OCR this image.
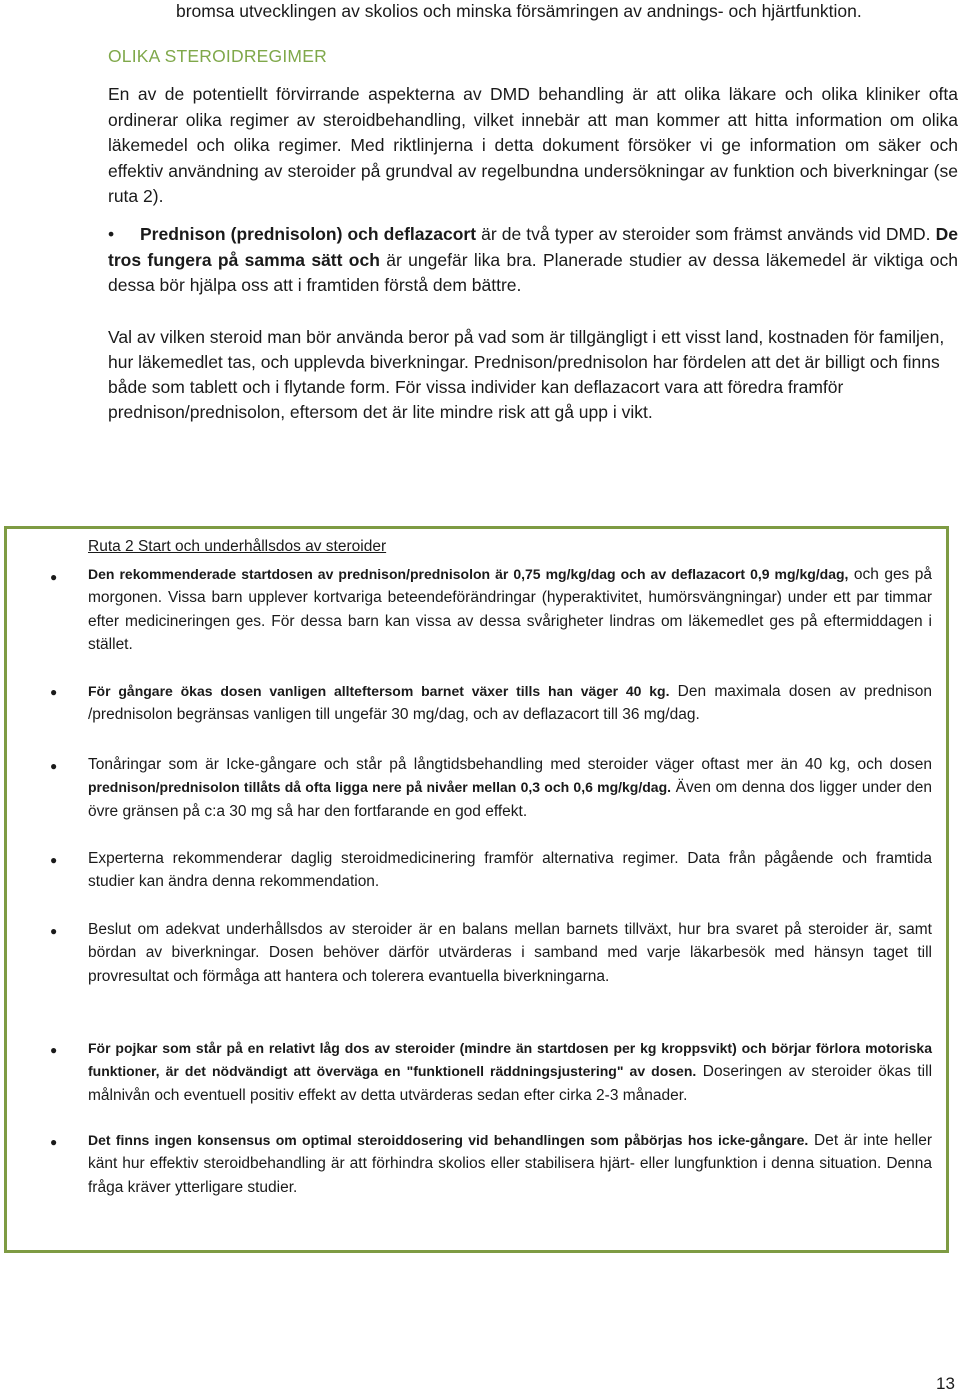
bromsa utvecklingen av skolios och minska försämringen av andnings- och hjärtfunktion.
OLIKA STEROIDREGIMER
En av de potentiellt förvirrande aspekterna av DMD behandling är att olika läkare och olika kliniker ofta ordinerar olika regimer av steroidbehandling, vilket innebär att man kommer att hitta information om olika läkemedel och olika regimer. Med riktlinjerna i detta dokument försöker vi ge information om säker och effektiv användning av steroider på grundval av regelbundna undersökningar av funktion och biverkningar (se ruta 2).
• Prednison (prednisolon) och deflazacort är de två typer av steroider som främst används vid DMD. De tros fungera på samma sätt och är ungefär lika bra. Planerade studier av dessa läkemedel är viktiga och dessa bör hjälpa oss att i framtiden förstå dem bättre.
Val av vilken steroid man bör använda beror på vad som är tillgängligt i ett visst land, kostnaden för familjen, hur läkemedlet tas, och upplevda biverkningar. Prednison/prednisolon har fördelen att det är billigt och finns både som tablett och i flytande form. För vissa individer kan deflazacort vara att föredra framför prednison/prednisolon, eftersom det är lite mindre risk att gå upp i vikt.
Ruta 2 Start och underhållsdos av steroider
● Den rekommenderade startdosen av prednison/prednisolon är 0,75 mg/kg/dag och av deflazacort 0,9 mg/kg/dag, och ges på morgonen. Vissa barn upplever kortvariga beteendeförändringar (hyperaktivitet, humörsvängningar) under ett par timmar efter medicineringen ges. För dessa barn kan vissa av dessa svårigheter lindras om läkemedlet ges på eftermiddagen i stället.
● För gångare ökas dosen vanligen allteftersom barnet växer tills han väger 40 kg. Den maximala dosen av prednison /prednisolon begränsas vanligen till ungefär 30 mg/dag, och av deflazacort till 36 mg/dag.
● Tonåringar som är Icke-gångare och står på långtidsbehandling med steroider väger oftast mer än 40 kg, och dosen prednison/prednisolon tillåts då ofta ligga nere på nivåer mellan 0,3 och 0,6 mg/kg/dag. Även om denna dos ligger under den övre gränsen på c:a 30 mg så har den fortfarande en god effekt.
● Experterna rekommenderar daglig steroidmedicinering framför alternativa regimer. Data från pågående och framtida studier kan ändra denna rekommendation.
● Beslut om adekvat underhållsdos av steroider är en balans mellan barnets tillväxt, hur bra svaret på steroider är, samt bördan av biverkningar. Dosen behöver därför utvärderas i samband med varje läkarbesök med hänsyn taget till provresultat och förmåga att hantera och tolerera evantuella biverkningarna.
● För pojkar som står på en relativt låg dos av steroider (mindre än startdosen per kg kroppsvikt) och börjar förlora motoriska funktioner, är det nödvändigt att överväga en "funktionell räddningsjustering" av dosen. Doseringen av steroider ökas till målnivån och eventuell positiv effekt av detta utvärderas sedan efter cirka 2-3 månader.
● Det finns ingen konsensus om optimal steroiddosering vid behandlingen som påbörjas hos icke-gångare. Det är inte heller känt hur effektiv steroidbehandling är att förhindra skolios eller stabilisera hjärt- eller lungfunktion i denna situation. Denna fråga kräver ytterligare studier.
13
